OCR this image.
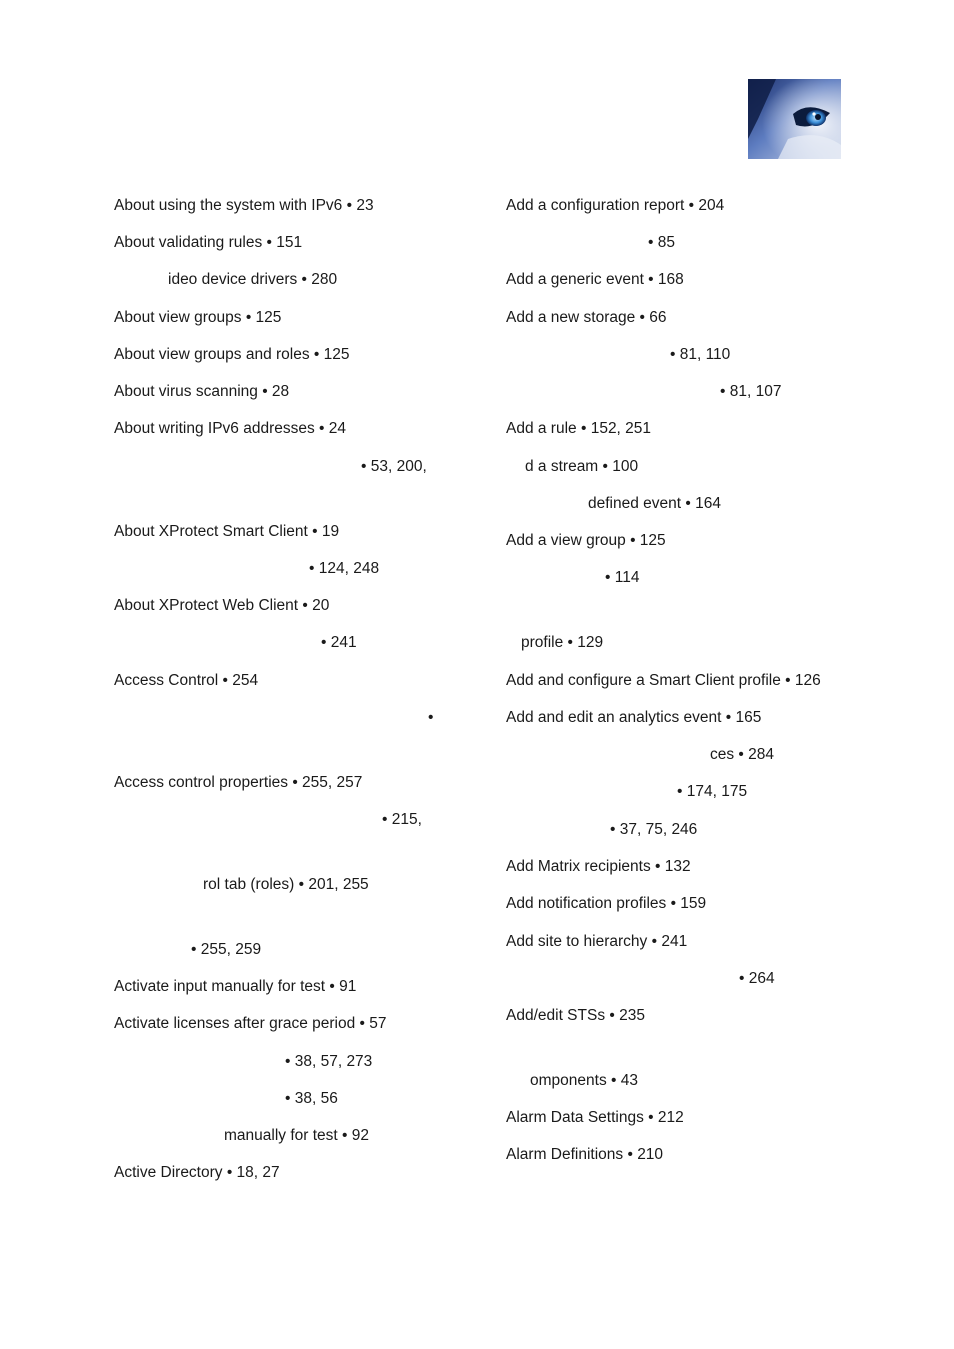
About using the system with IPv6 • 23
About validating rules • 151
ideo device drivers • 280
About view groups • 125
About view groups and roles • 125
About virus scanning • 28
About writing IPv6 addresses • 24
• 53, 200,
About XProtect Smart Client • 19
• 124, 248
About XProtect Web Client • 20
• 241
Access Control • 254
•
Access control properties • 255, 257
• 215,
rol tab (roles) • 201, 255
• 255, 259
Activate input manually for test • 91
Activate licenses after grace period • 57
• 38, 57, 273
• 38, 56
manually for test • 92
Active Directory • 18, 27
Add a configuration report • 204
• 85
Add a generic event • 168
Add a new storage • 66
• 81, 110
• 81, 107
Add a rule • 152, 251
d a stream • 100
defined event • 164
Add a view group • 125
• 114
profile • 129
Add and configure a Smart Client profile • 126
Add and edit an analytics event • 165
ces • 284
• 174, 175
• 37, 75, 246
Add Matrix recipients • 132
Add notification profiles • 159
Add site to hierarchy • 241
• 264
Add/edit STSs • 235
omponents • 43
Alarm Data Settings • 212
Alarm Definitions • 210
